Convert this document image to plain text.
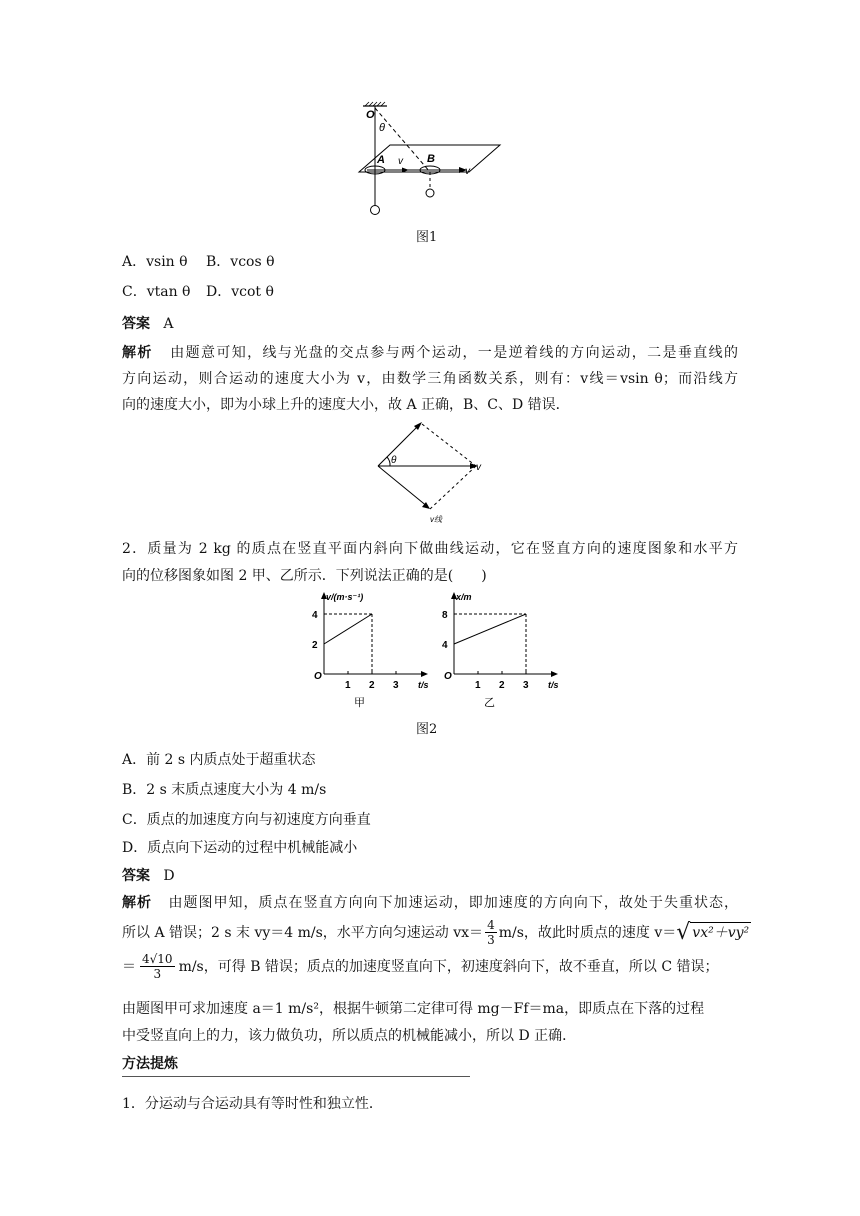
O
θ
A v B
v
图1
A．vsin θ B．vcos θ
C．vtan θ D．vcot θ
答案 A
解析 由题意可知，线与光盘的交点参与两个运动，一是逆着线的方向运动，二是垂直线的
方向运动，则合运动的速度大小为 v，由数学三角函数关系，则有：v线＝vsin θ；而沿线方
向的速度大小，即为小球上升的速度大小，故 A 正确，B、C、D 错误．
θ
v
v线
2．质量为 2 kg 的质点在竖直平面内斜向下做曲线运动，它在竖直方向的速度图象和水平方
向的位移图象如图 2 甲、乙所示．下列说法正确的是(　　)
v/(m·s⁻¹)
t/s
O
1 2 3
2
4
甲
x/m
t/s
O
1 2 3
4
8
乙
图2
A．前 2 s 内质点处于超重状态
B．2 s 末质点速度大小为 4 m/s
C．质点的加速度方向与初速度方向垂直
D．质点向下运动的过程中机械能减小
答案 D
解析 由题图甲知，质点在竖直方向向下加速运动，即加速度的方向向下，故处于失重状态，
所以 A 错误；2 s 末 vy＝4 m/s，水平方向匀速运动 vx＝ 4
3 m/s，故此时质点的速度 v＝ √ vx²＋vy²
＝ 4√10
3 m/s，可得 B 错误；质点的加速度竖直向下，初速度斜向下，故不垂直，所以 C 错误；
由题图甲可求加速度 a＝1 m/s²，根据牛顿第二定律可得 mg－Ff＝ma，即质点在下落的过程
中受竖直向上的力，该力做负功，所以质点的机械能减小，所以 D 正确．
方法提炼
1．分运动与合运动具有等时性和独立性．
